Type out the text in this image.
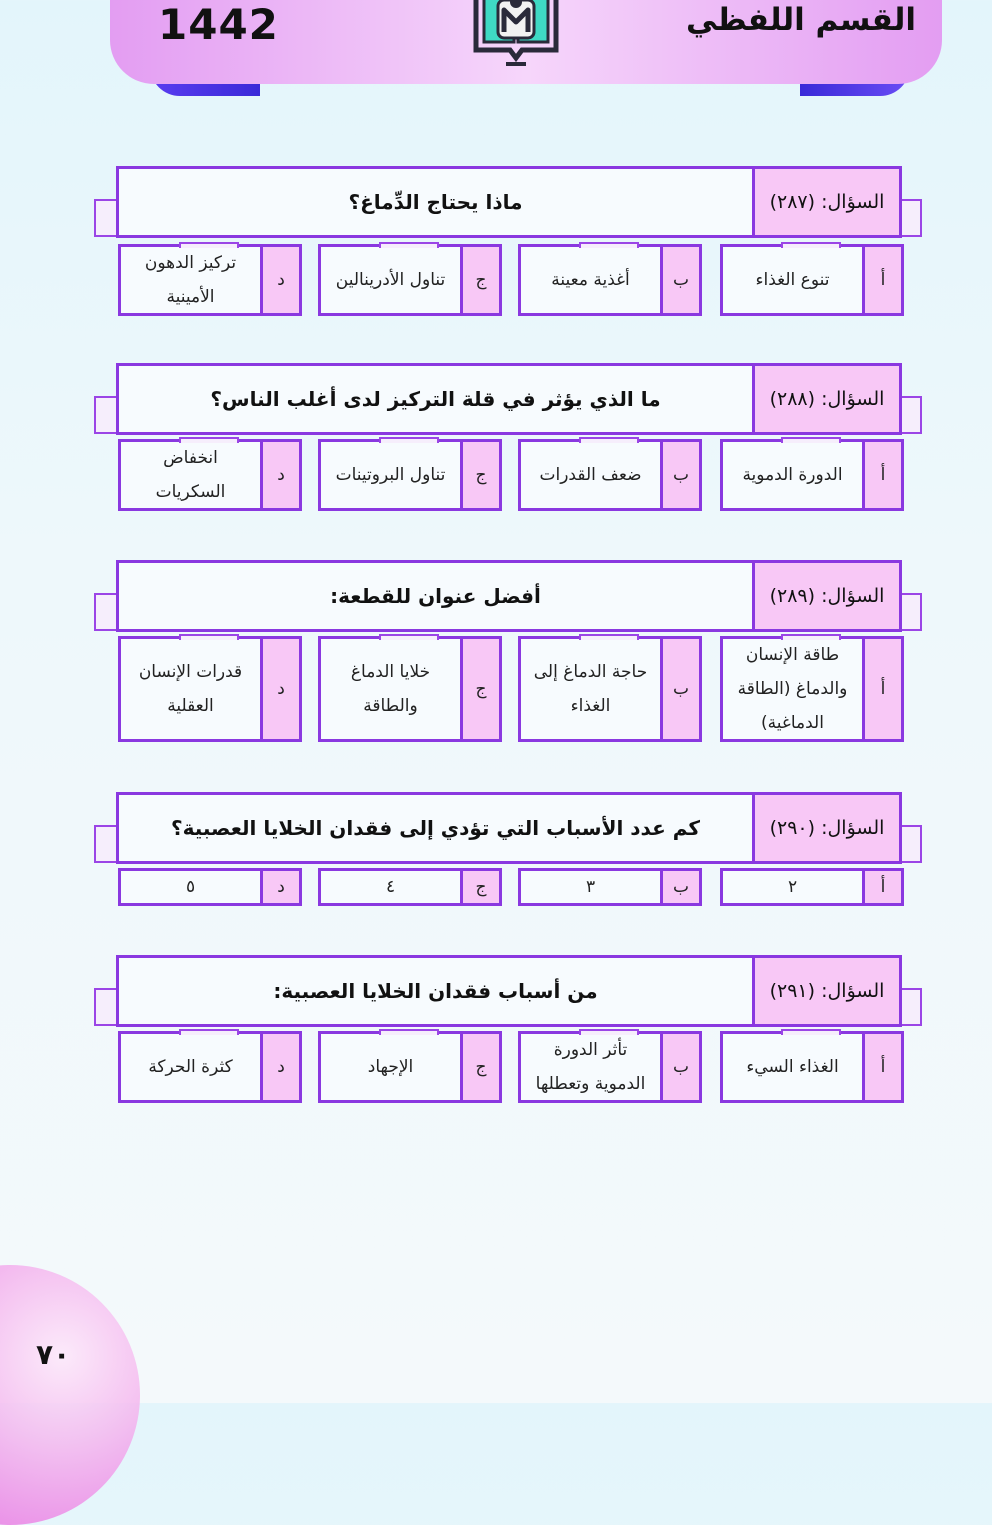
القسم اللفظي
1442
السؤال: (٢٨٧)
ماذا يحتاج الدِّماغ؟
أ
تنوع الغذاء
ب
أغذية معينة
ج
تناول الأدرينالين
د
تركيز الدهون الأمينية
السؤال: (٢٨٨)
ما الذي يؤثر في قلة التركيز لدى أغلب الناس؟
أ
الدورة الدموية
ب
ضعف القدرات
ج
تناول البروتينات
د
انخفاض السكريات
السؤال: (٢٨٩)
أفضل عنوان للقطعة:
أ
طاقة الإنسان والدماغ (الطاقة الدماغية)
ب
حاجة الدماغ إلى الغذاء
ج
خلايا الدماغ والطاقة
د
قدرات الإنسان العقلية
السؤال: (٢٩٠)
كم عدد الأسباب التي تؤدي إلى فقدان الخلايا العصبية؟
أ
٢
ب
٣
ج
٤
د
٥
السؤال: (٢٩١)
من أسباب فقدان الخلايا العصبية:
أ
الغذاء السيء
ب
تأثر الدورة الدموية وتعطلها
ج
الإجهاد
د
كثرة الحركة
٧٠
